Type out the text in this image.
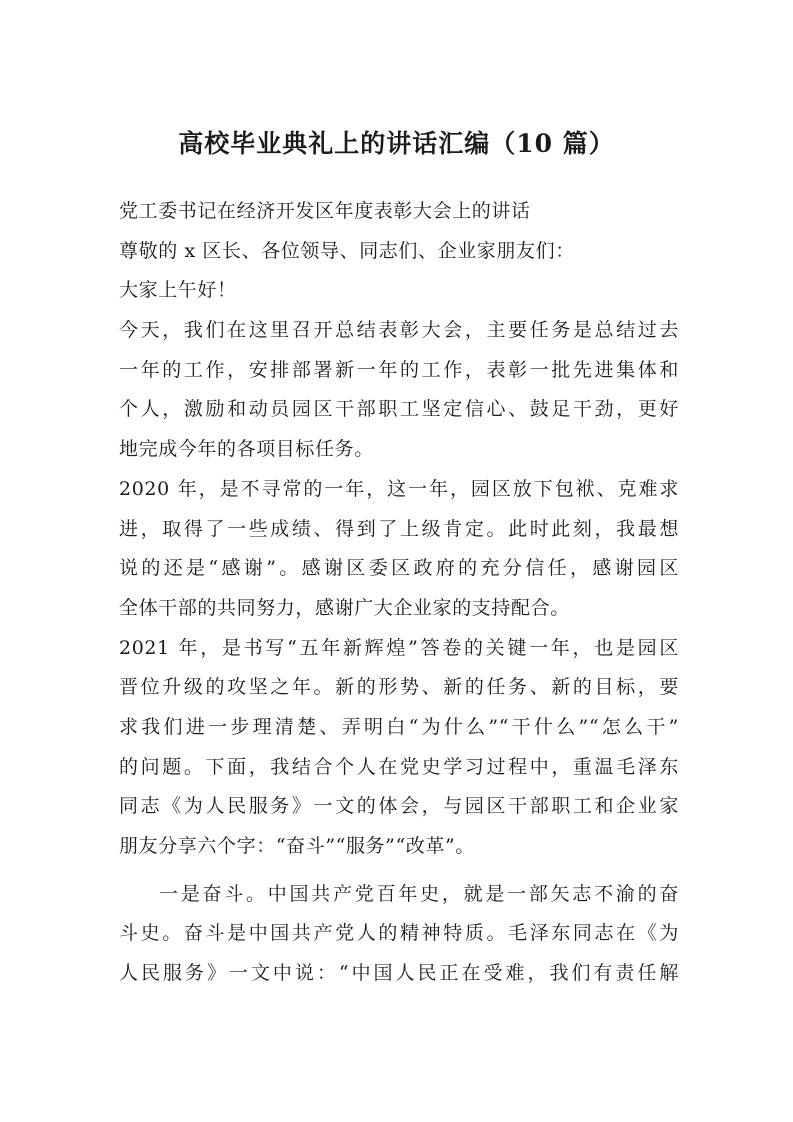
高校毕业典礼上的讲话汇编（10 篇）
党工委书记在经济开发区年度表彰大会上的讲话
尊敬的 x 区长、各位领导、同志们、企业家朋友们：
大家上午好！
今天，我们在这里召开总结表彰大会，主要任务是总结过去
一年的工作，安排部署新一年的工作，表彰一批先进集体和
个人，激励和动员园区干部职工坚定信心、鼓足干劲，更好
地完成今年的各项目标任务。
2020 年，是不寻常的一年，这一年，园区放下包袱、克难求
进，取得了一些成绩、得到了上级肯定。此时此刻，我最想
说的还是“感谢”。感谢区委区政府的充分信任，感谢园区
全体干部的共同努力，感谢广大企业家的支持配合。
2021 年，是书写“五年新辉煌”答卷的关键一年，也是园区
晋位升级的攻坚之年。新的形势、新的任务、新的目标，要
求我们进一步理清楚、弄明白“为什么”“干什么”“怎么干”
的问题。下面，我结合个人在党史学习过程中，重温毛泽东
同志《为人民服务》一文的体会，与园区干部职工和企业家
朋友分享六个字：“奋斗”“服务”“改革”。
一是奋斗。中国共产党百年史，就是一部矢志不渝的奋
斗史。奋斗是中国共产党人的精神特质。毛泽东同志在《为
人民服务》一文中说：“中国人民正在受难，我们有责任解
